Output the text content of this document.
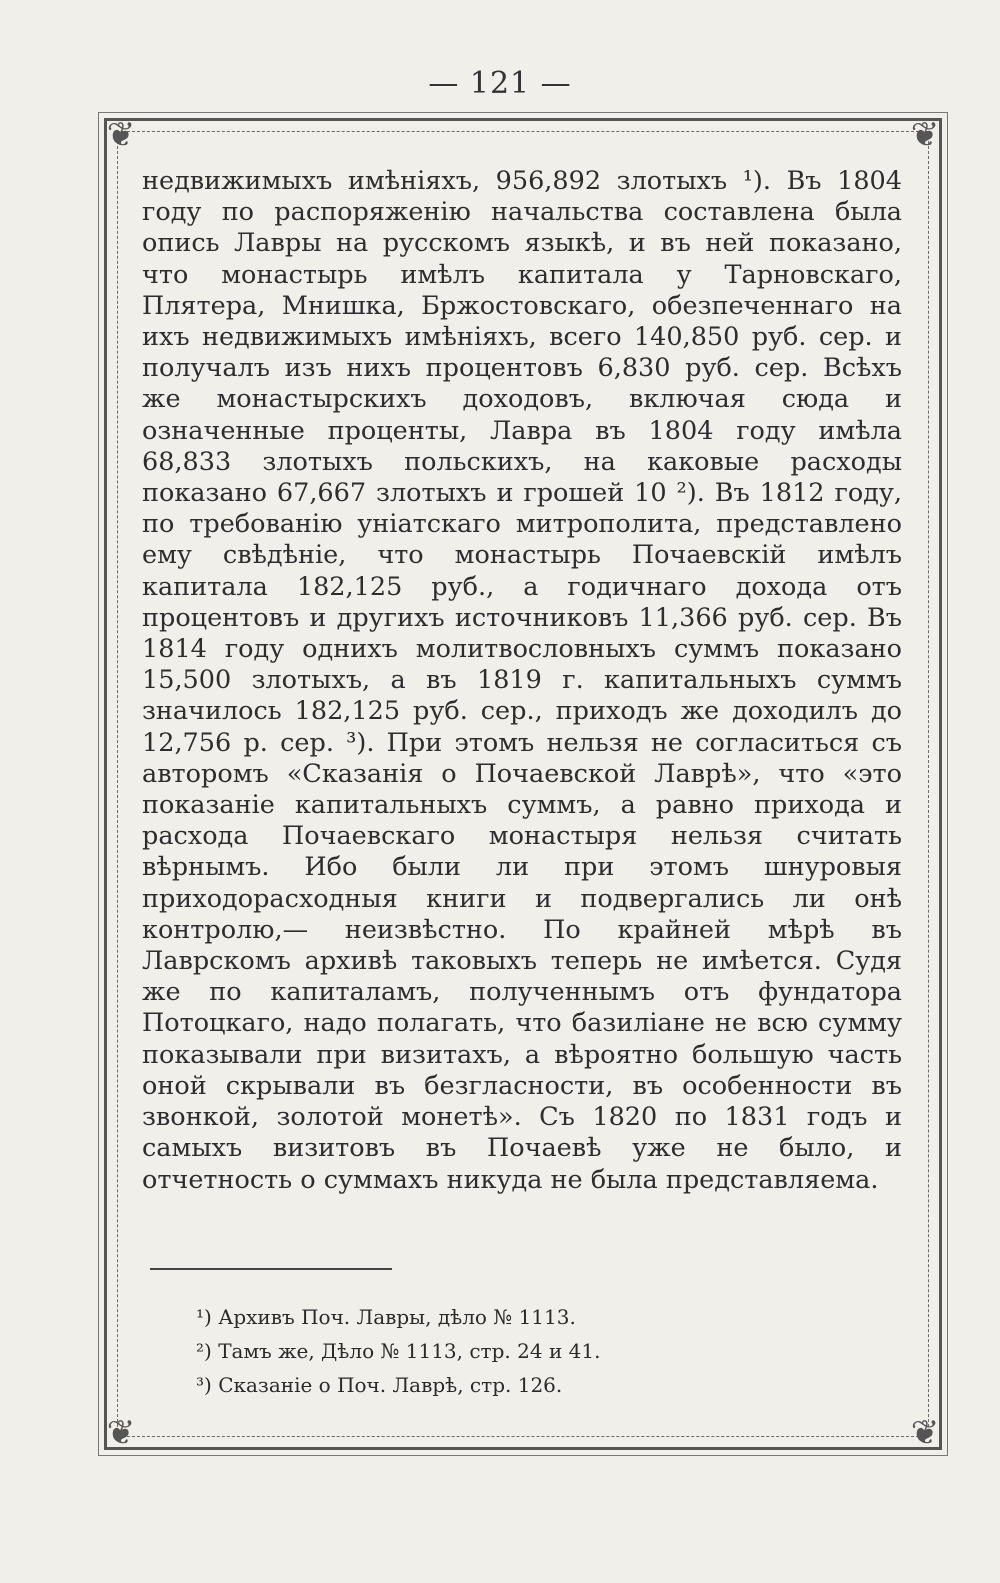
— 121 —
❦	❦
❦	❦

недвижимыхъ имѣніяхъ, 956,892 злотыхъ ¹). Въ 1804 году по распоряженію начальства составлена была опись Лавры на русскомъ языкѣ, и въ ней показано, что монастырь имѣлъ капитала у Тарновскаго, Плятера, Мнишка, Бржостовскаго, обезпеченнаго на ихъ недвижимыхъ имѣніяхъ, всего 140,850 руб. сер. и получалъ изъ нихъ процентовъ 6,830 руб. сер. Всѣхъ же монастырскихъ доходовъ, включая сюда и означенные проценты, Лавра въ 1804 году имѣла 68,833 злотыхъ польскихъ, на каковые расходы показано 67,667 злотыхъ и грошей 10 ²). Въ 1812 году, по требованію уніатскаго митрополита, представлено ему свѣдѣніе, что монастырь Почаевскій имѣлъ капитала 182,125 руб., а годичнаго дохода отъ процентовъ и другихъ источниковъ 11,366 руб. сер. Въ 1814 году однихъ молитвословныхъ суммъ показано 15,500 злотыхъ, а въ 1819 г. капитальныхъ суммъ значилось 182,125 руб. сер., приходъ же доходилъ до 12,756 р. сер. ³). При этомъ нельзя не согласиться съ авторомъ «Сказанія о Почаевской Лаврѣ», что «это показаніе капитальныхъ суммъ, а равно прихода и расхода Почаевскаго монастыря нельзя считать вѣрнымъ. Ибо были ли при этомъ шнуровыя приходорасходныя книги и подвергались ли онѣ контролю,— неизвѣстно. По крайней мѣрѣ въ Лаврскомъ архивѣ таковыхъ теперь не имѣется. Судя же по капиталамъ, полученнымъ отъ фундатора Потоцкаго, надо полагать, что базиліане не всю сумму показывали при визитахъ, а вѣроятно большую часть оной скрывали въ безгласности, въ особенности въ звонкой, золотой монетѣ». Съ 1820 по 1831 годъ и самыхъ визитовъ въ Почаевѣ уже не было, и отчетность о суммахъ никуда не была представляема.

¹) Архивъ Поч. Лавры, дѣло № 1113.
²) Тамъ же, Дѣло № 1113, стр. 24 и 41.
³) Сказаніе о Поч. Лаврѣ, стр. 126.
